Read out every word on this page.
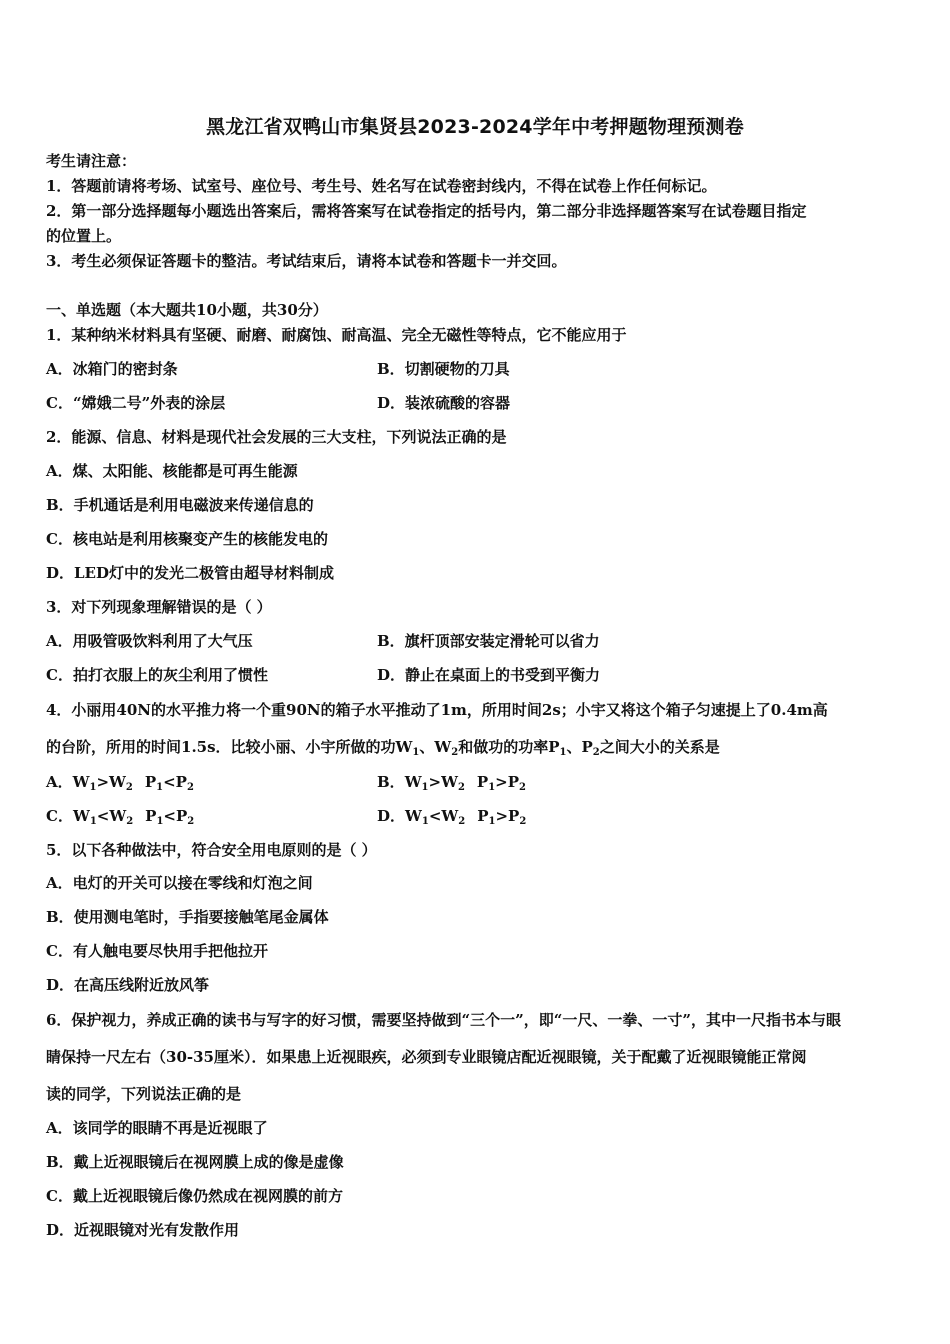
黑龙江省双鸭山市集贤县2023-2024学年中考押题物理预测卷
考生请注意：
1．答题前请将考场、试室号、座位号、考生号、姓名写在试卷密封线内，不得在试卷上作任何标记。
2．第一部分选择题每小题选出答案后，需将答案写在试卷指定的括号内，第二部分非选择题答案写在试卷题目指定
的位置上。
3．考生必须保证答题卡的整洁。考试结束后，请将本试卷和答题卡一并交回。
一、单选题（本大题共10小题，共30分）
1．某种纳米材料具有坚硬、耐磨、耐腐蚀、耐高温、完全无磁性等特点，它不能应用于
A．冰箱门的密封条	B．切割硬物的刀具
C．“嫦娥二号”外表的涂层	D．装浓硫酸的容器
2．能源、信息、材料是现代社会发展的三大支柱，下列说法正确的是
A．煤、太阳能、核能都是可再生能源
B．手机通话是利用电磁波来传递信息的
C．核电站是利用核聚变产生的核能发电的
D．LED灯中的发光二极管由超导材料制成
3．对下列现象理解错误的是（ ）
A．用吸管吸饮料利用了大气压	B．旗杆顶部安装定滑轮可以省力
C．拍打衣服上的灰尘利用了惯性	D．静止在桌面上的书受到平衡力
4．小丽用40N的水平推力将一个重90N的箱子水平推动了1m，所用时间2s；小宇又将这个箱子匀速提上了0.4m高
的台阶，所用的时间1.5s．比较小丽、小宇所做的功$W_1$、$W_2$和做功的功率$P_1$、$P_2$之间大小的关系是
A．$W_1>W_2$ $P_1<P_2$	B．$W_1>W_2$ $P_1>P_2$
C．$W_1<W_2$ $P_1<P_2$	D．$W_1<W_2$ $P_1>P_2$
5．以下各种做法中，符合安全用电原则的是（ ）
A．电灯的开关可以接在零线和灯泡之间
B．使用测电笔时，手指要接触笔尾金属体
C．有人触电要尽快用手把他拉开
D．在高压线附近放风筝
6．保护视力，养成正确的读书与写字的好习惯，需要坚持做到“三个一”，即“一尺、一拳、一寸”，其中一尺指书本与眼
睛保持一尺左右（30-35厘米）．如果患上近视眼疾，必须到专业眼镜店配近视眼镜，关于配戴了近视眼镜能正常阅
读的同学，下列说法正确的是
A．该同学的眼睛不再是近视眼了
B．戴上近视眼镜后在视网膜上成的像是虚像
C．戴上近视眼镜后像仍然成在视网膜的前方
D．近视眼镜对光有发散作用
